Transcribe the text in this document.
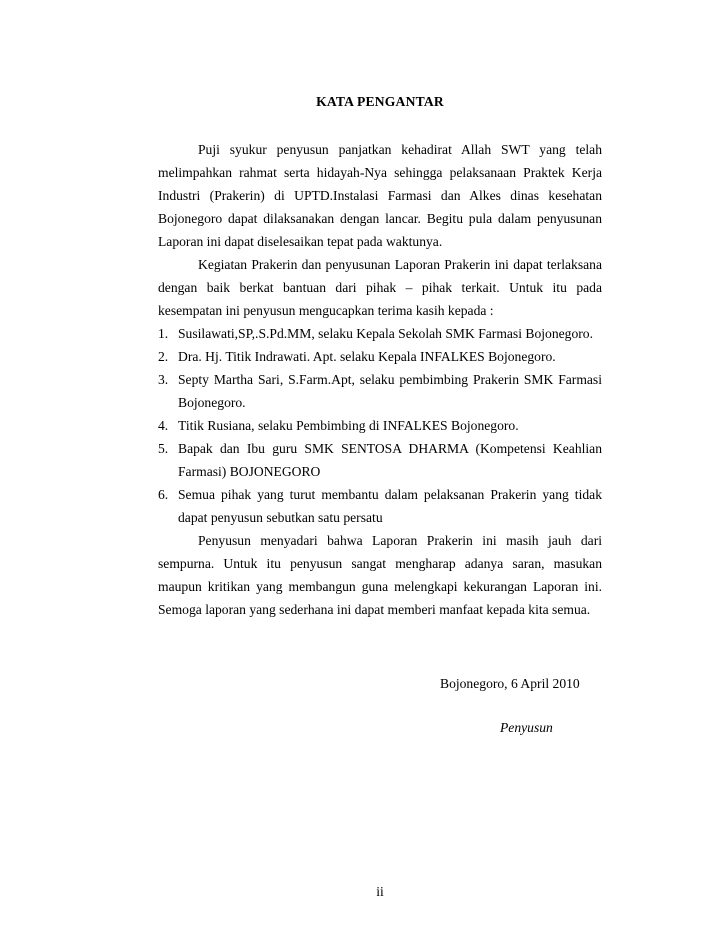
KATA PENGANTAR

Puji syukur penyusun panjatkan kehadirat Allah SWT yang telah melimpahkan rahmat serta hidayah-Nya sehingga pelaksanaan Praktek Kerja Industri (Prakerin) di UPTD.Instalasi Farmasi dan Alkes dinas kesehatan Bojonegoro dapat dilaksanakan dengan lancar. Begitu pula dalam penyusunan Laporan ini dapat diselesaikan tepat pada waktunya.

Kegiatan Prakerin dan penyusunan Laporan Prakerin ini dapat terlaksana dengan baik berkat bantuan dari pihak – pihak terkait. Untuk itu pada kesempatan ini penyusun mengucapkan terima kasih kepada :

1. Susilawati,SP,.S.Pd.MM, selaku Kepala Sekolah SMK Farmasi Bojonegoro.
2. Dra. Hj. Titik Indrawati. Apt. selaku Kepala INFALKES Bojonegoro.
3. Septy Martha Sari, S.Farm.Apt, selaku pembimbing Prakerin SMK Farmasi Bojonegoro.
4. Titik Rusiana, selaku Pembimbing di INFALKES Bojonegoro.
5. Bapak dan Ibu guru SMK SENTOSA DHARMA (Kompetensi Keahlian Farmasi) BOJONEGORO
6. Semua pihak yang turut membantu dalam pelaksanan Prakerin yang tidak dapat penyusun sebutkan satu persatu

Penyusun menyadari bahwa Laporan Prakerin ini masih jauh dari sempurna. Untuk itu penyusun sangat mengharap adanya saran, masukan maupun kritikan yang membangun guna melengkapi kekurangan Laporan ini. Semoga laporan yang sederhana ini dapat memberi manfaat kepada kita semua.

Bojonegoro, 6 April 2010
Penyusun
ii
